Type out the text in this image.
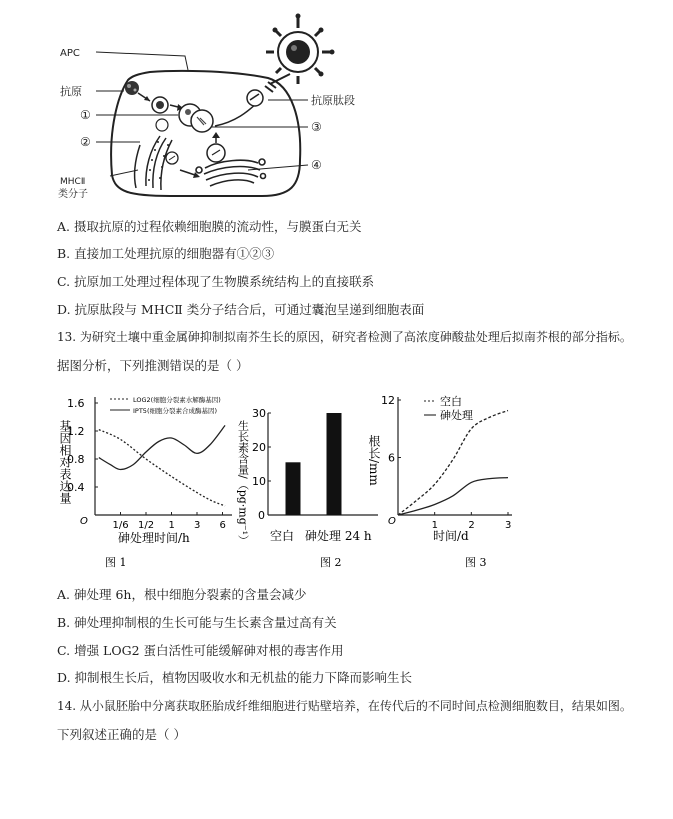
APC
抗原
①
②
MHCⅡ
类分子
抗原肽段
③
④
A. 摄取抗原的过程依赖细胞膜的流动性，与膜蛋白无关
B. 直接加工处理抗原的细胞器有①②③
C. 抗原加工处理过程体现了生物膜系统结构上的直接联系
D. 抗原肽段与 MHCⅡ 类分子结合后，可通过囊泡呈递到细胞表面
13. 为研究土壤中重金属砷抑制拟南芥生长的原因，研究者检测了高浓度砷酸盐处理后拟南芥根的部分指标。
据图分析，下列推测错误的是（ ）
O
基因相对表达量
砷处理时间/h
图 1
0.4
0.8
1.2
1.6
1/6 1/2 1 3 6
LOG2(细胞分裂素水解酶基因)
IPT5(细胞分裂素合成酶基因)
生长素含量/（pg·mg⁻¹）
图 2
0
10
20
30
空白 砷处理 24 h
O
根长/mm
时间/d
图 3
6
12
1	2	3
空白
砷处理
A. 砷处理 6h，根中细胞分裂素的含量会减少
B. 砷处理抑制根的生长可能与生长素含量过高有关
C. 增强 LOG2 蛋白活性可能缓解砷对根的毒害作用
D. 抑制根生长后，植物因吸收水和无机盐的能力下降而影响生长
14. 从小鼠胚胎中分离获取胚胎成纤维细胞进行贴壁培养，在传代后的不同时间点检测细胞数目，结果如图。
下列叙述正确的是（ ）
